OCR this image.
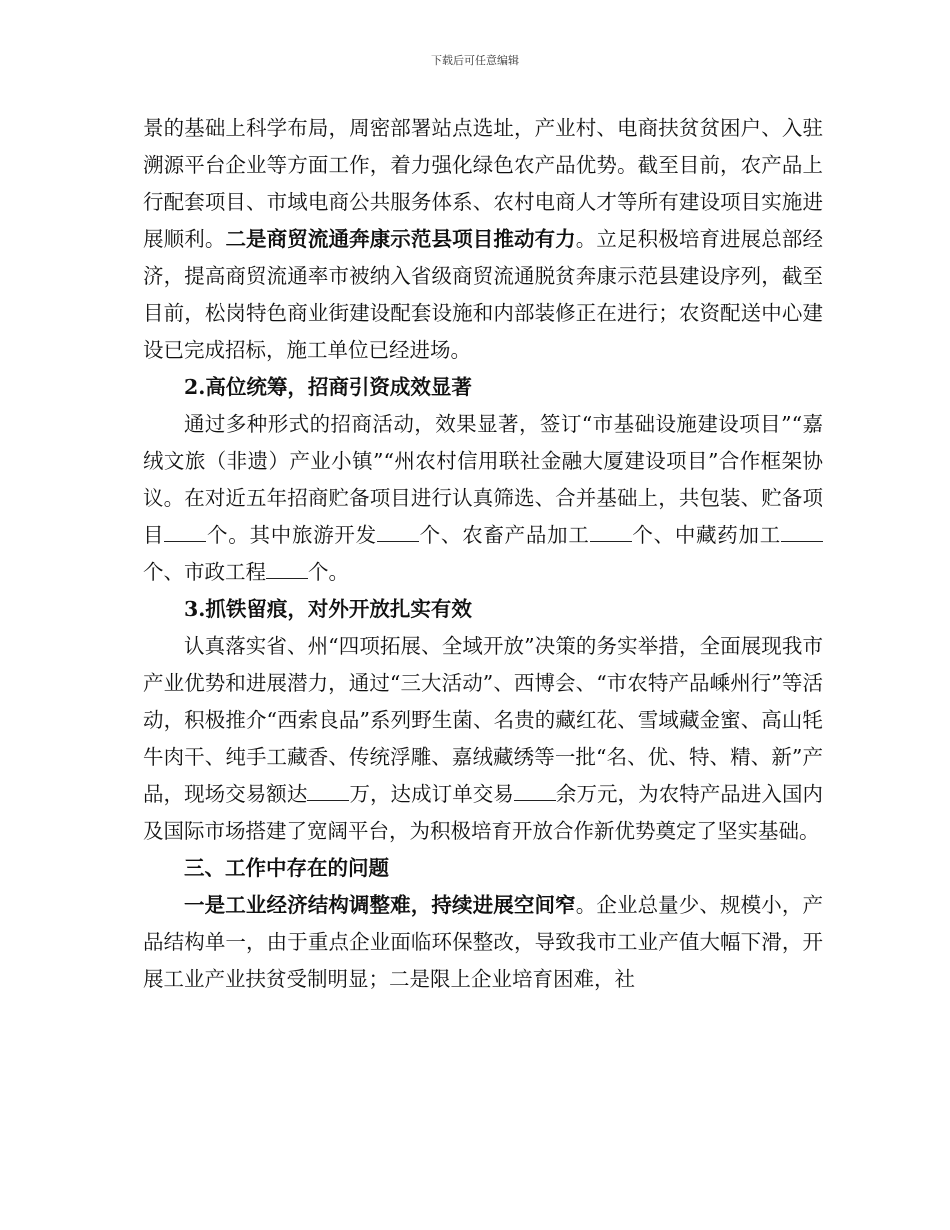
下载后可任意编辑

景的基础上科学布局，周密部署站点选址，产业村、电商扶贫贫困户、入驻溯源平台企业等方面工作，着力强化绿色农产品优势。截至目前，农产品上行配套项目、市域电商公共服务体系、农村电商人才等所有建设项目实施进展顺利。二是商贸流通奔康示范县项目推动有力。立足积极培育进展总部经济，提高商贸流通率市被纳入省级商贸流通脱贫奔康示范县建设序列，截至目前，松岗特色商业街建设配套设施和内部装修正在进行；农资配送中心建设已完成招标，施工单位已经进场。

2.高位统筹，招商引资成效显著

通过多种形式的招商活动，效果显著，签订“市基础设施建设项目”“嘉绒文旅（非遗）产业小镇”“州农村信用联社金融大厦建设项目”合作框架协议。在对近五年招商贮备项目进行认真筛选、合并基础上，共包装、贮备项目 个。其中旅游开发 个、农畜产品加工 个、中藏药加工个、市政工程 个。

3.抓铁留痕，对外开放扎实有效

认真落实省、州“四项拓展、全域开放”决策的务实举措，全面展现我市产业优势和进展潜力，通过“三大活动”、西博会、“市农特产品嵊州行”等活动，积极推介“西索良品”系列野生菌、名贵的藏红花、雪域藏金蜜、高山牦牛肉干、纯手工藏香、传统浮雕、嘉绒藏绣等一批“名、优、特、精、新”产品，现场交易额达 万，达成订单交易 余万元，为农特产品进入国内及国际市场搭建了宽阔平台，为积极培育开放合作新优势奠定了坚实基础。

三、工作中存在的问题

一是工业经济结构调整难，持续进展空间窄。企业总量少、规模小，产品结构单一，由于重点企业面临环保整改，导致我市工业产值大幅下滑，开展工业产业扶贫受制明显；二是限上企业培育困难，社
